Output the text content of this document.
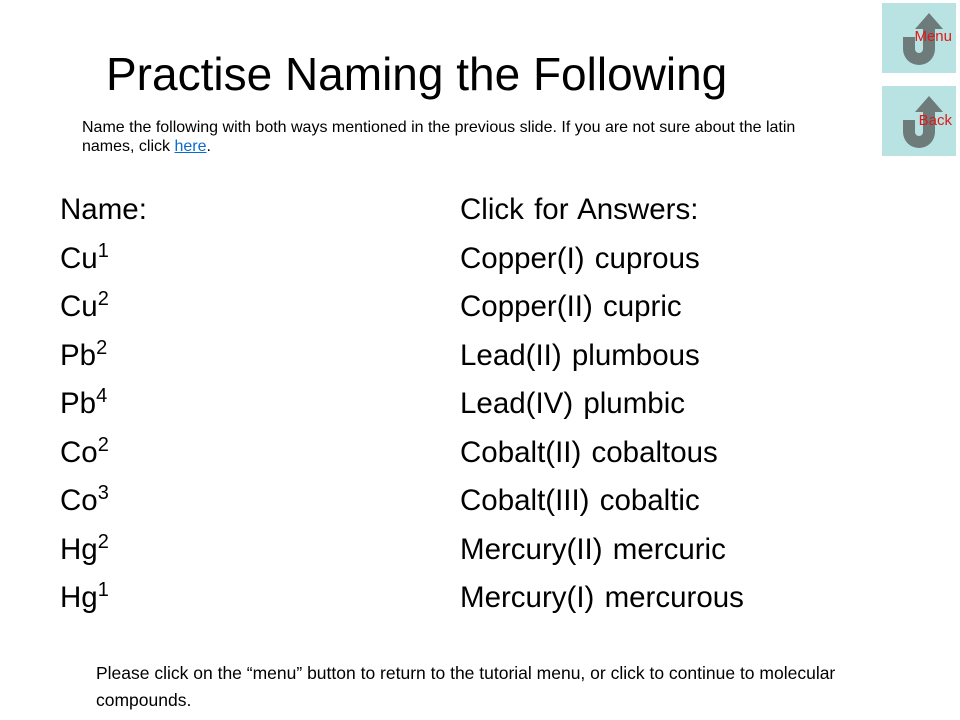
Practise Naming the Following
Name the following with both ways mentioned in the previous slide. If you are not sure about the latin names, click here.
Name:
Cu$^1$
Cu$^2$
Pb$^2$
Pb$^4$
Co$^2$
Co$^3$
Hg$^2$
Hg$^1$
Click for Answers:
Copper(I) cuprous
Copper(II) cupric
Lead(II) plumbous
Lead(IV) plumbic
Cobalt(II) cobaltous
Cobalt(III) cobaltic
Mercury(II) mercuric
Mercury(I) mercurous
Menu
Back
Please click on the “menu” button to return to the tutorial menu, or click to continue to molecular compounds.
